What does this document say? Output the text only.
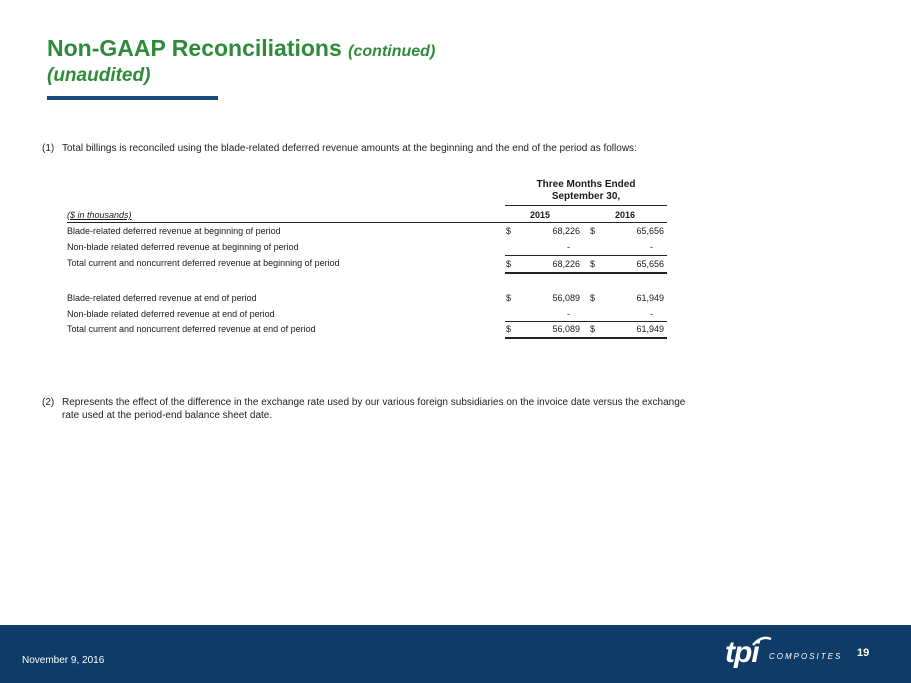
Non-GAAP Reconciliations (continued)
(unaudited)
(1) Total billings is reconciled using the blade-related deferred revenue amounts at the beginning and the end of the period as follows:
Three Months Ended
September 30,
($ in thousands)	2015	2016
Blade-related deferred revenue at beginning of period	$	68,226 $	65,656
Non-blade related deferred revenue at beginning of period	-	-
Total current and noncurrent deferred revenue at beginning of period	$	68,226 $	65,656
Blade-related deferred revenue at end of period	$	56,089 $	61,949
Non-blade related deferred revenue at end of period	-	-
Total current and noncurrent deferred revenue at end of period	$	56,089 $	61,949
(2) Represents the effect of the difference in the exchange rate used by our various foreign subsidiaries on the invoice date versus the exchange
rate used at the period-end balance sheet date.
November 9, 2016	tpi COMPOSITES 19
